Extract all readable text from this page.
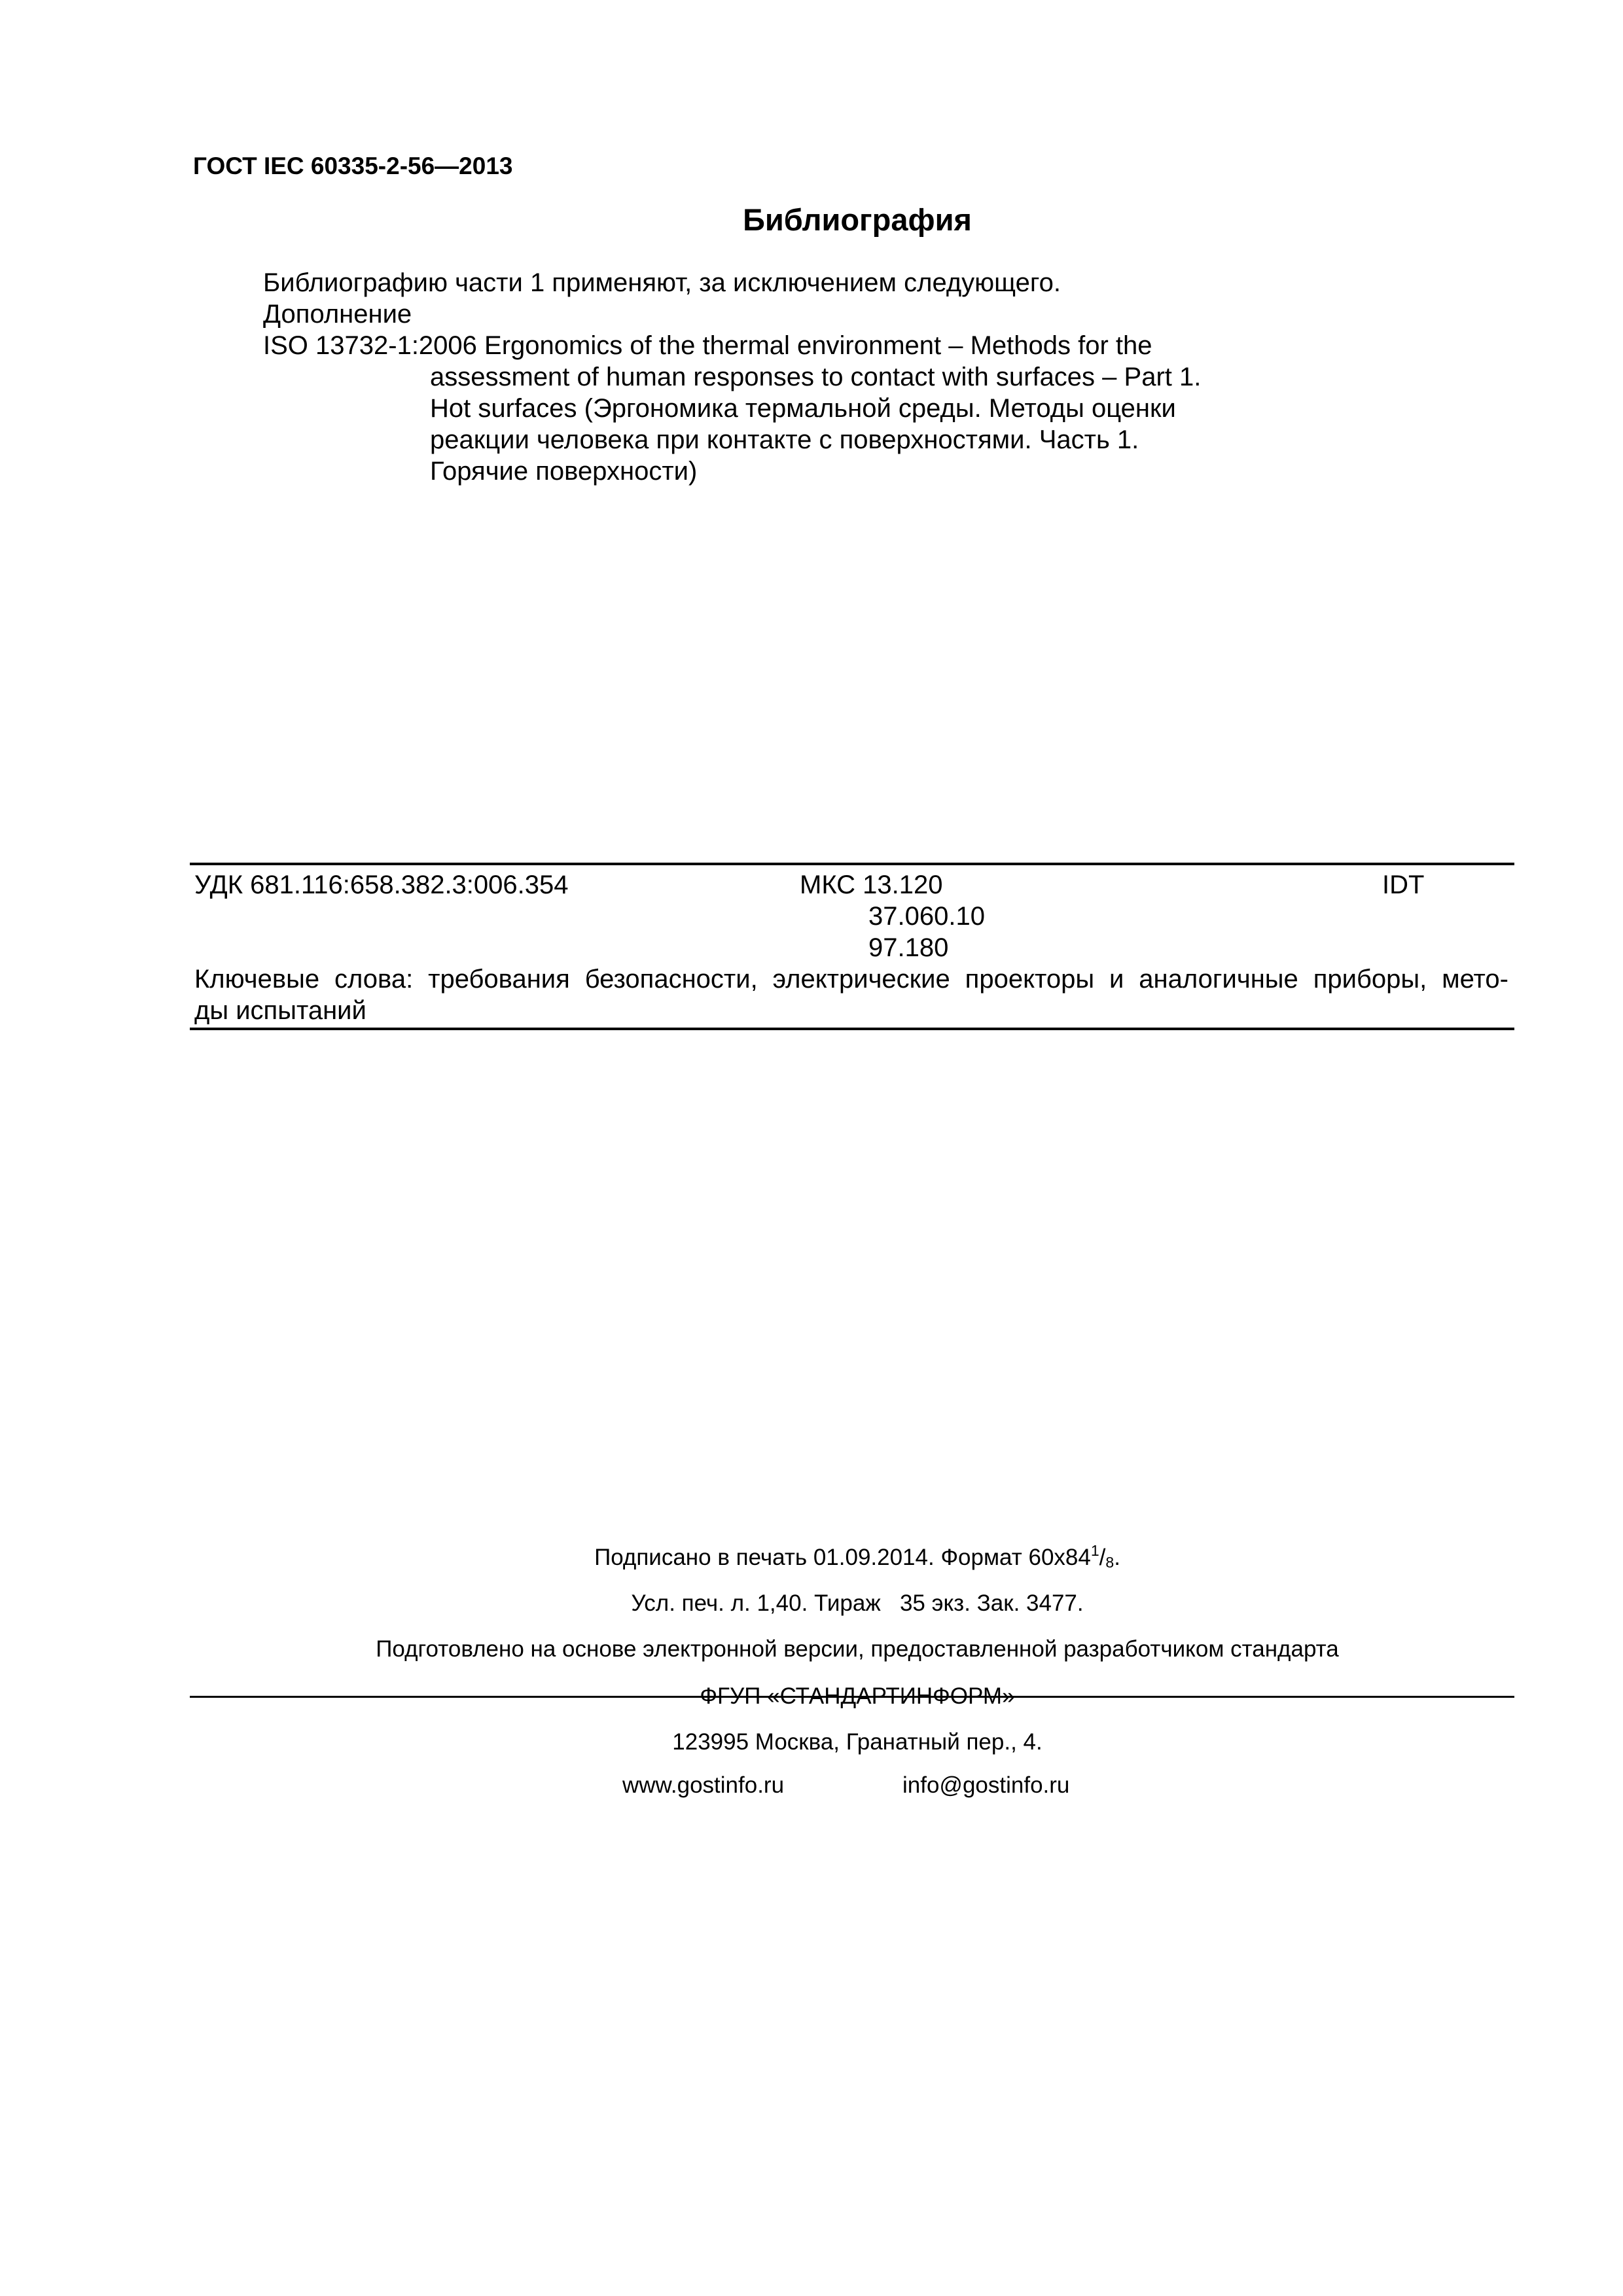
ГОСТ IEC 60335-2-56—2013
Библиография
Библиографию части 1 применяют, за исключением следующего.
Дополнение
ISO 13732-1:2006 Ergonomics of the thermal environment – Methods for the
assessment of human responses to contact with surfaces – Part 1.
Hot surfaces (Эргономика термальной среды. Методы оценки
реакции человека при контакте с поверхностями. Часть 1.
Горячие поверхности)
УДК 681.116:658.382.3:006.354	МКС 13.120
37.060.10
97.180
IDT
Ключевые слова: требования безопасности, электрические проекторы и аналогичные приборы, мето-
ды испытаний
Подписано в печать 01.09.2014. Формат $60х84^1/_8$.
Усл. печ. л. 1,40. Тираж   35 экз. Зак. 3477.
Подготовлено на основе электронной версии, предоставленной разработчиком стандарта
ФГУП «СТАНДАРТИНФОРМ»
123995 Москва, Гранатный пер., 4.
www.gostinfo.ru	info@gostinfo.ru
